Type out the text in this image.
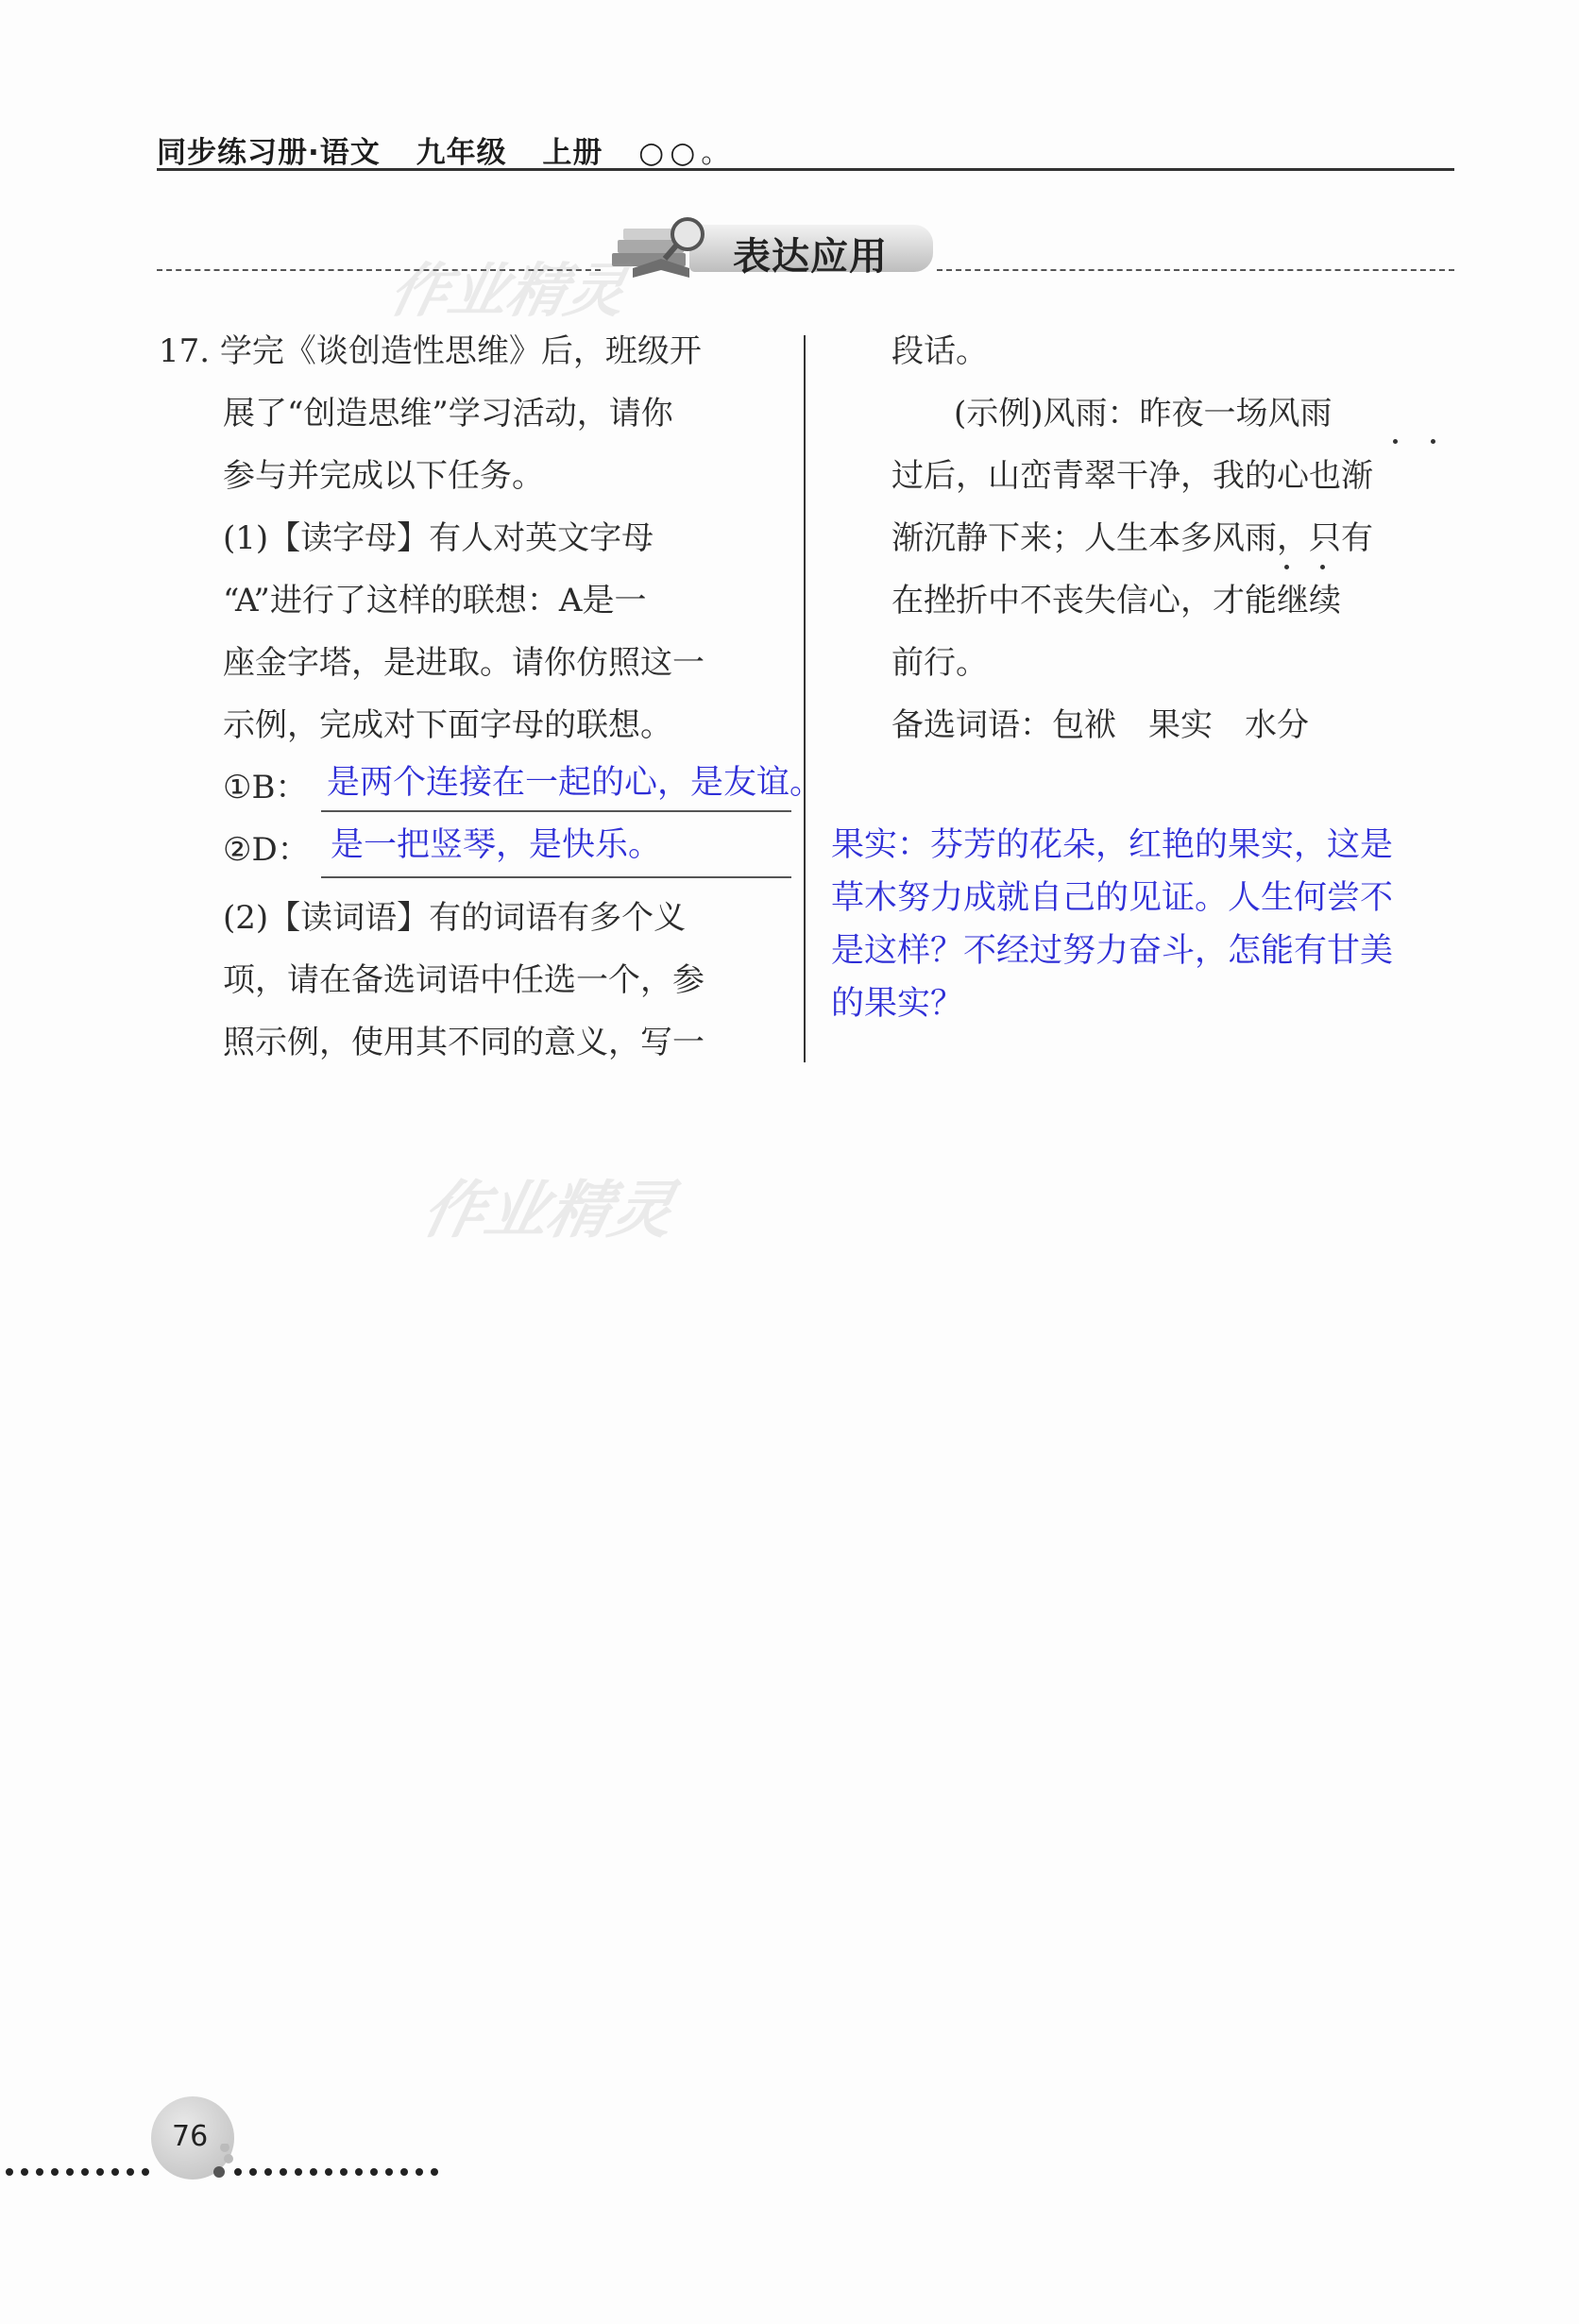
同步练习册·语文 九年级 上册 ○○。
表达应用
作业精灵
作业精灵
17. 学完《谈创造性思维》后，班级开
展了“创造思维”学习活动，请你
参与并完成以下任务。
(1)【读字母】有人对英文字母
“A”进行了这样的联想：A是一
座金字塔，是进取。请你仿照这一
示例，完成对下面字母的联想。
①B： 是两个连接在一起的心，是友谊。
②D： 是一把竖琴，是快乐。
(2)【读词语】有的词语有多个义
项，请在备选词语中任选一个，参
照示例，使用其不同的意义，写一
段话。
(示例)风雨：昨夜一场风雨
过后，山峦青翠干净，我的心也渐
渐沉静下来；人生本多风雨，只有
在挫折中不丧失信心，才能继续
前行。
备选词语：包袱　果实　水分
果实：芬芳的花朵，红艳的果实，这是
草木努力成就自己的见证。人生何尝不
是这样？不经过努力奋斗，怎能有甘美
的果实？
76
